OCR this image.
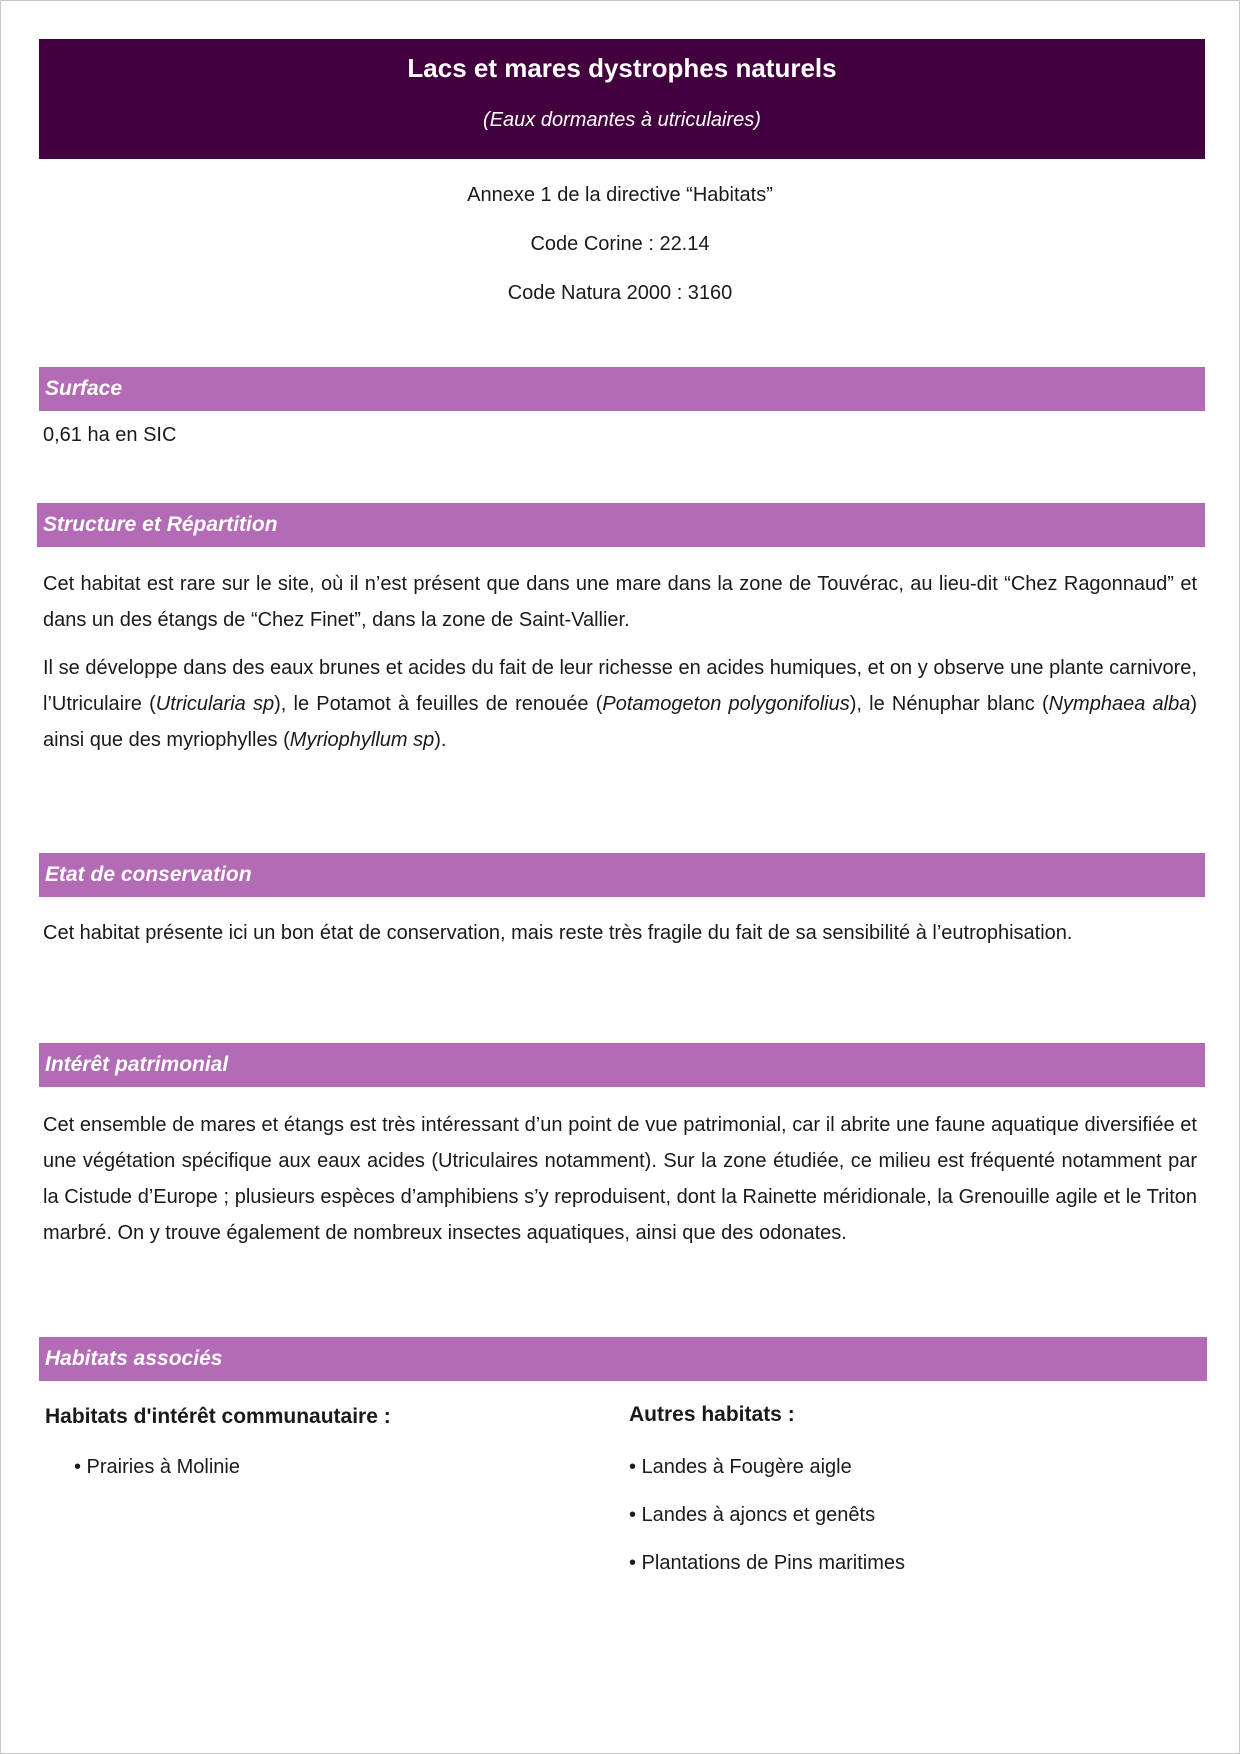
Lacs et mares dystrophes naturels
(Eaux dormantes à utriculaires)
Annexe 1 de la directive “Habitats”
Code Corine : 22.14
Code Natura 2000 : 3160
Surface

0,61 ha en SIC

Structure et Répartition

Cet habitat est rare sur le site, où il n’est présent que dans une mare dans la zone de Touvérac, au lieu-dit “Chez Ragonnaud” et dans un des étangs de “Chez Finet”, dans la zone de Saint-Vallier.

Il se développe dans des eaux brunes et acides du fait de leur richesse en acides humiques, et on y observe une plante carnivore, l’Utriculaire (Utricularia sp), le Potamot à feuilles de renouée (Potamogeton polygonifolius), le Nénuphar blanc (Nymphaea alba) ainsi que des myriophylles (Myriophyllum sp).

Etat de conservation

Cet habitat présente ici un bon état de conservation, mais reste très fragile du fait de sa sensibilité à l’eutrophisation.

Intérêt patrimonial

Cet ensemble de mares et étangs est très intéressant d’un point de vue patrimonial, car il abrite une faune aquatique diversifiée et une végétation spécifique aux eaux acides (Utriculaires notamment). Sur la zone étudiée, ce milieu est fréquenté notamment par la Cistude d’Europe ; plusieurs espèces d’amphibiens s’y reproduisent, dont la Rainette méridionale, la Grenouille agile et le Triton marbré. On y trouve également de nombreux insectes aquatiques, ainsi que des odonates.

Habitats associés
Habitats d'intérêt communautaire :
• Prairies à Molinie
Autres habitats :
• Landes à Fougère aigle
• Landes à ajoncs et genêts
• Plantations de Pins maritimes
